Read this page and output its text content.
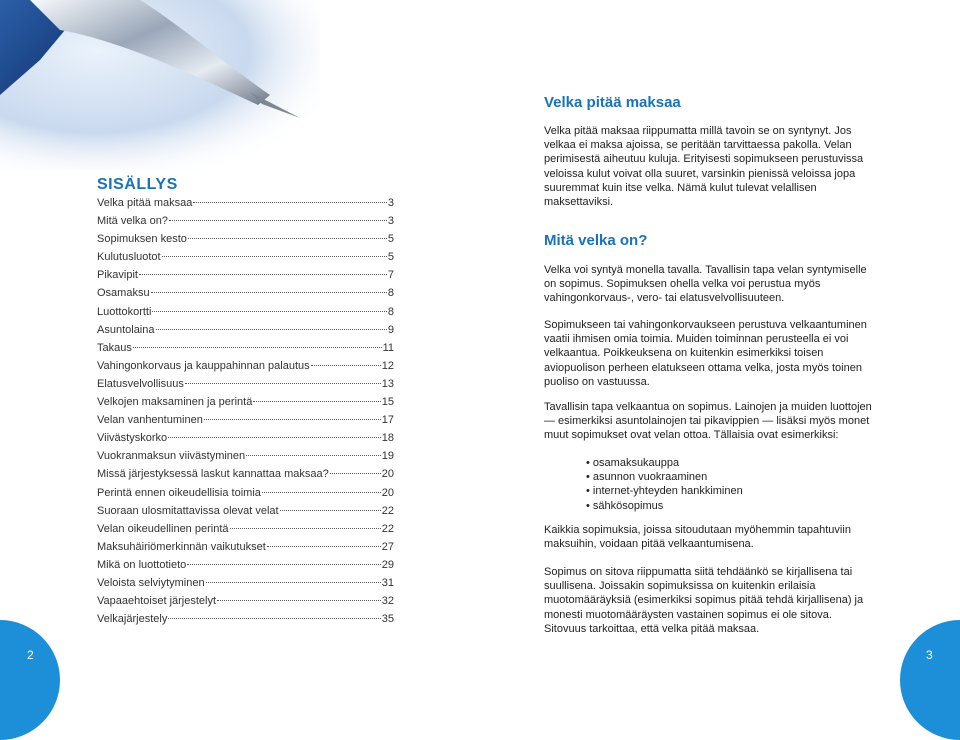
SISÄLLYS
Velka pitää maksaa	3
Mitä velka on?	3
Sopimuksen kesto	5
Kulutusluotot	5
Pikavipit	7
Osamaksu	8
Luottokortti	8
Asuntolaina	9
Takaus	11
Vahingonkorvaus ja kauppahinnan palautus	12
Elatusvelvollisuus	13
Velkojen maksaminen ja perintä	15
Velan vanhentuminen	17
Viivästyskorko	18
Vuokranmaksun viivästyminen	19
Missä järjestyksessä laskut kannattaa maksaa?	20
Perintä ennen oikeudellisia toimia	20
Suoraan ulosmitattavissa olevat velat	22
Velan oikeudellinen perintä	22
Maksuhäiriömerkinnän vaikutukset	27
Mikä on luottotieto	29
Veloista selviytyminen	31
Vapaaehtoiset järjestelyt	32
Velkajärjestely	35
Velka pitää maksaa

Velka pitää maksaa riippumatta millä tavoin se on syntynyt. Jos velkaa ei maksa ajoissa, se peritään tarvittaessa pakolla. Velan perimisestä aiheutuu kuluja. Erityisesti sopimukseen perustuvissa veloissa kulut voivat olla suuret, varsinkin pienissä veloissa jopa suuremmat kuin itse velka. Nämä kulut tulevat velallisen maksettaviksi.

Mitä velka on?

Velka voi syntyä monella tavalla. Tavallisin tapa velan syntymiselle on sopimus. Sopimuksen ohella velka voi perustua myös vahingonkorvaus-, vero- tai elatusvelvollisuuteen.

Sopimukseen tai vahingonkorvaukseen perustuva velkaantuminen vaatii ihmisen omia toimia. Muiden toiminnan perusteella ei voi velkaantua. Poikkeuksena on kuitenkin esimerkiksi toisen aviopuolison perheen elatukseen ottama velka, josta myös toinen puoliso on vastuussa.

Tavallisin tapa velkaantua on sopimus. Lainojen ja muiden luottojen — esimerkiksi asuntolainojen tai pikavippien — lisäksi myös monet muut sopimukset ovat velan ottoa. Tällaisia ovat esimerkiksi:

• osamaksukauppa
• asunnon vuokraaminen
• internet-yhteyden hankkiminen
• sähkösopimus

Kaikkia sopimuksia, joissa sitoudutaan myöhemmin tapahtuviin maksuihin, voidaan pitää velkaantumisena.

Sopimus on sitova riippumatta siitä tehdäänkö se kirjallisena tai suullisena. Joissakin sopimuksissa on kuitenkin erilaisia muotomääräyksiä (esimerkiksi sopimus pitää tehdä kirjallisena) ja monesti muotomääräysten vastainen sopimus ei ole sitova. Sitovuus tarkoittaa, että velka pitää maksaa.

2	3
